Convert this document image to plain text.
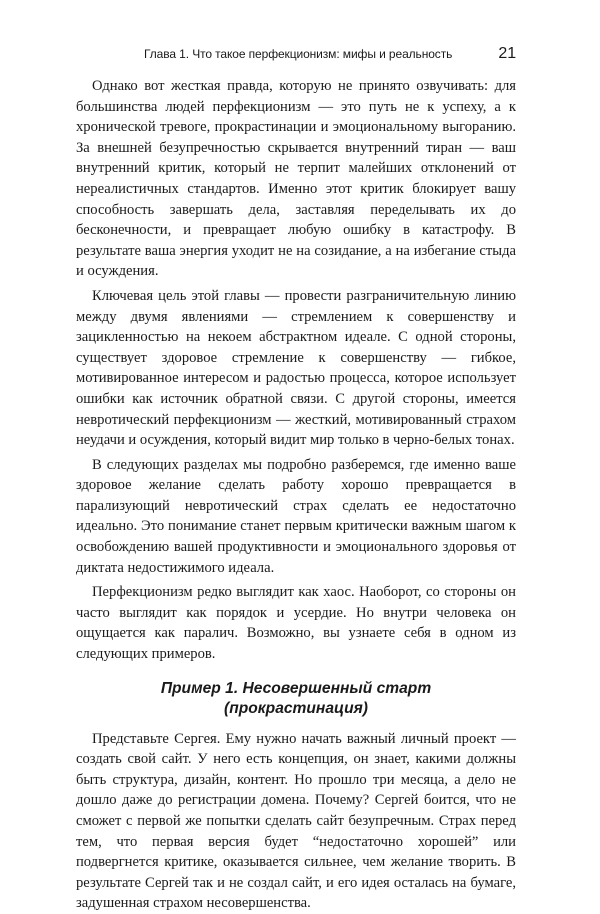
Глава 1. Что такое перфекционизм: мифы и реальность	21

Однако вот жесткая правда, которую не принято озвучивать: для большинства людей перфекционизм — это путь не к успеху, а к хронической тревоге, прокрастинации и эмоциональному выгоранию. За внешней безупречностью скрывается внутренний тиран — ваш внутренний критик, который не терпит малейших отклонений от нереалистичных стандартов. Именно этот критик блокирует вашу способность завершать дела, заставляя переделывать их до бесконечности, и превращает любую ошибку в катастрофу. В результате ваша энергия уходит не на созидание, а на избегание стыда и осуждения.

Ключевая цель этой главы — провести разграничительную линию между двумя явлениями — стремлением к совершенству и зацикленностью на некоем абстрактном идеале. С одной стороны, существует здоровое стремление к совершенству — гибкое, мотивированное интересом и радостью процесса, которое использует ошибки как источник обратной связи. С другой стороны, имеется невротический перфекционизм — жесткий, мотивированный страхом неудачи и осуждения, который видит мир только в черно-белых тонах.

В следующих разделах мы подробно разберемся, где именно ваше здоровое желание сделать работу хорошо превращается в парализующий невротический страх сделать ее недостаточно идеально. Это понимание станет первым критически важным шагом к освобождению вашей продуктивности и эмоционального здоровья от диктата недостижимого идеала.

Перфекционизм редко выглядит как хаос. Наоборот, со стороны он часто выглядит как порядок и усердие. Но внутри человека он ощущается как паралич. Возможно, вы узнаете себя в одном из следующих примеров.

Пример 1. Несовершенный старт
(прокрастинация)

Представьте Сергея. Ему нужно начать важный личный проект — создать свой сайт. У него есть концепция, он знает, какими должны быть структура, дизайн, контент. Но прошло три месяца, а дело не дошло даже до регистрации домена. Почему? Сергей боится, что не сможет с первой же попытки сделать сайт безупречным. Страх перед тем, что первая версия будет “недостаточно хорошей” или подвергнется критике, оказывается сильнее, чем желание творить. В результате Сергей так и не создал сайт, и его идея осталась на бумаге, задушенная страхом несовершенства.
